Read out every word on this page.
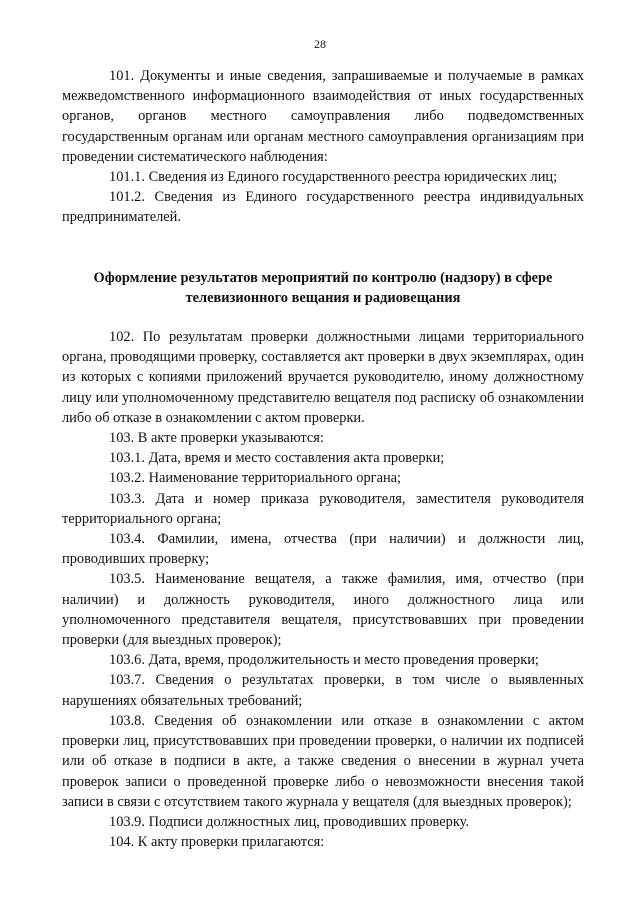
28

101. Документы и иные сведения, запрашиваемые и получаемые в рамках межведомственного информационного взаимодействия от иных государственных органов, органов местного самоуправления либо подведомственных государственным органам или органам местного самоуправления организациям при проведении систематического наблюдения:

101.1. Сведения из Единого государственного реестра юридических лиц;

101.2. Сведения из Единого государственного реестра индивидуальных предпринимателей.

Оформление результатов мероприятий по контролю (надзору) в сфере телевизионного вещания и радиовещания

102. По результатам проверки должностными лицами территориального органа, проводящими проверку, составляется акт проверки в двух экземплярах, один из которых с копиями приложений вручается руководителю, иному должностному лицу или уполномоченному представителю вещателя под расписку об ознакомлении либо об отказе в ознакомлении с актом проверки.

103. В акте проверки указываются:

103.1. Дата, время и место составления акта проверки;

103.2. Наименование территориального органа;

103.3. Дата и номер приказа руководителя, заместителя руководителя территориального органа;

103.4. Фамилии, имена, отчества (при наличии) и должности лиц, проводивших проверку;

103.5. Наименование вещателя, а также фамилия, имя, отчество (при наличии) и должность руководителя, иного должностного лица или уполномоченного представителя вещателя, присутствовавших при проведении проверки (для выездных проверок);

103.6. Дата, время, продолжительность и место проведения проверки;

103.7. Сведения о результатах проверки, в том числе о выявленных нарушениях обязательных требований;

103.8. Сведения об ознакомлении или отказе в ознакомлении с актом проверки лиц, присутствовавших при проведении проверки, о наличии их подписей или об отказе в подписи в акте, а также сведения о внесении в журнал учета проверок записи о проведенной проверке либо о невозможности внесения такой записи в связи с отсутствием такого журнала у вещателя (для выездных проверок);

103.9. Подписи должностных лиц, проводивших проверку.

104. К акту проверки прилагаются:
